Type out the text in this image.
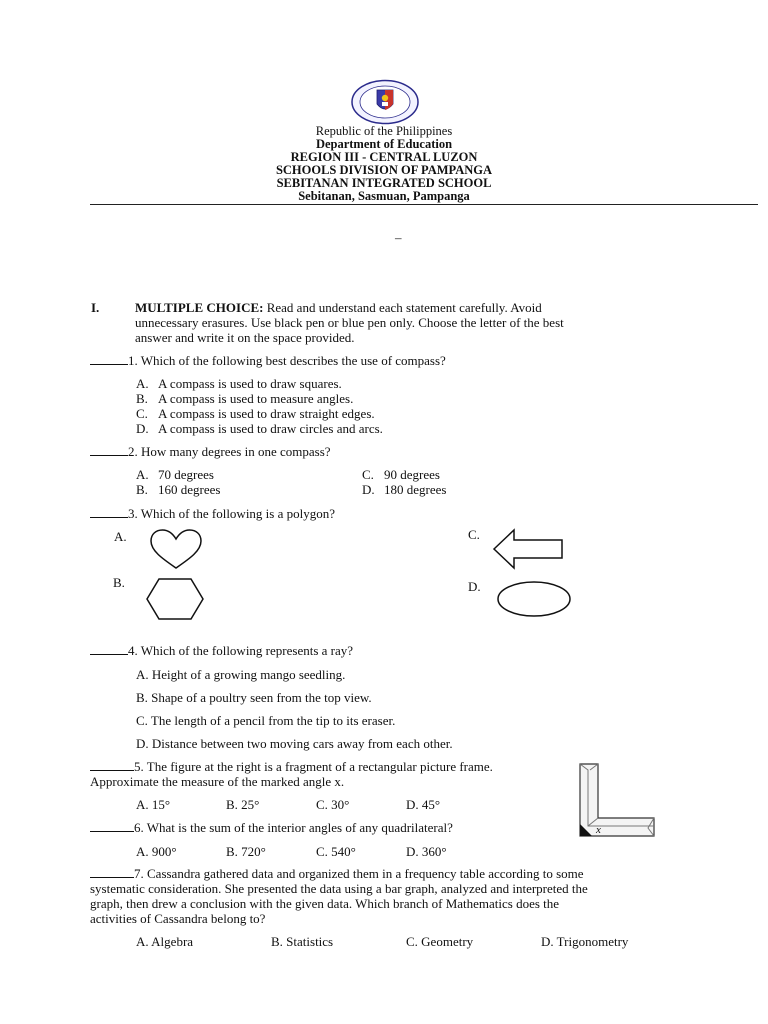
Republic of the Philippines
Department of Education
REGION III - CENTRAL LUZON
SCHOOLS DIVISION OF PAMPANGA
SEBITANAN INTEGRATED SCHOOL
Sebitanan, Sasmuan, Pampanga
–
I.	MULTIPLE CHOICE: Read and understand each statement carefully. Avoid
unnecessary erasures. Use black pen or blue pen only. Choose the letter of the best
answer and write it on the space provided.
1. Which of the following best describes the use of compass?
A. A compass is used to draw squares.
B. A compass is used to measure angles.
C. A compass is used to draw straight edges.
D. A compass is used to draw circles and arcs.
2. How many degrees in one compass?
A. 70 degrees	C. 90 degrees
B. 160 degrees	D. 180 degrees
3. Which of the following is a polygon?
A.
B.
C.
D.
4. Which of the following represents a ray?
A. Height of a growing mango seedling.
B. Shape of a poultry seen from the top view.
C. The length of a pencil from the tip to its eraser.
D. Distance between two moving cars away from each other.
5. The figure at the right is a fragment of a rectangular picture frame.
Approximate the measure of the marked angle x.
A. 15°	B. 25°	C. 30°	D. 45°
x
6. What is the sum of the interior angles of any quadrilateral?
A. 900°	B. 720°	C. 540°	D. 360°
7. Cassandra gathered data and organized them in a frequency table according to some
systematic consideration. She presented the data using a bar graph, analyzed and interpreted the
graph, then drew a conclusion with the given data. Which branch of Mathematics does the
activities of Cassandra belong to?
A. Algebra	B. Statistics	C. Geometry	D. Trigonometry
